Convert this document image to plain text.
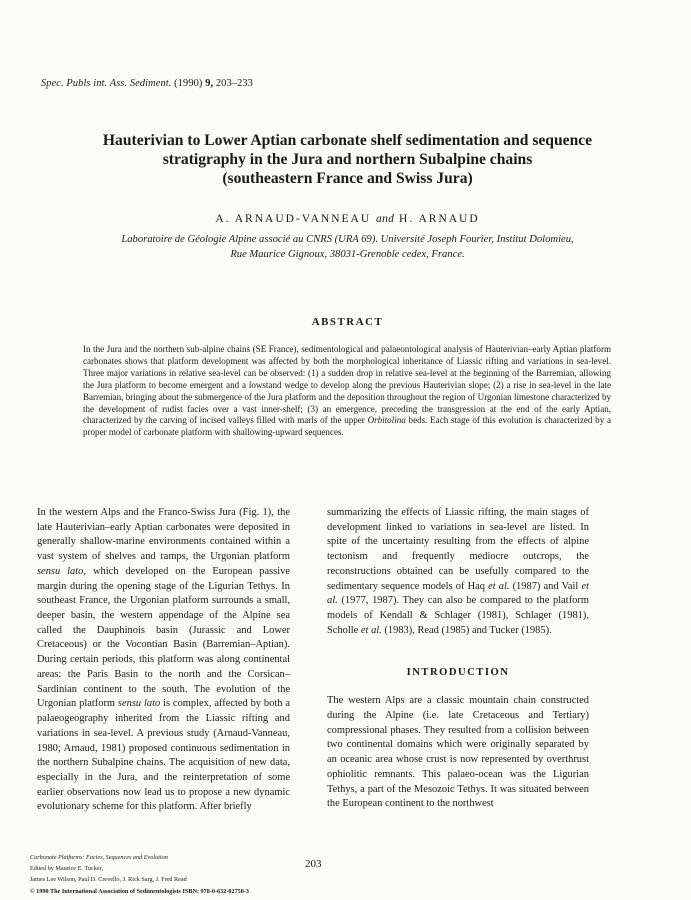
Spec. Publs int. Ass. Sediment. (1990) 9, 203–233
Hauterivian to Lower Aptian carbonate shelf sedimentation and sequence
stratigraphy in the Jura and northern Subalpine chains
(southeastern France and Swiss Jura)
A. ARNAUD-VANNEAU and H. ARNAUD
Laboratoire de Géologie Alpine associé au CNRS (URA 69). Université Joseph Fourier, Institut Dolomieu,
Rue Maurice Gignoux, 38031-Grenoble cedex, France.
ABSTRACT

In the Jura and the northern sub-alpine chains (SE France), sedimentological and palaeontological analysis of Hauterivian–early Aptian platform carbonates shows that platform development was affected by both the morphological inheritance of Liassic rifting and variations in sea-level. Three major variations in relative sea-level can be observed: (1) a sudden drop in relative sea-level at the beginning of the Barremian, allowing the Jura platform to become emergent and a lowstand wedge to develop along the previous Hauterivian slope; (2) a rise in sea-level in the late Barremian, bringing about the submergence of the Jura platform and the deposition throughout the region of Urgonian limestone characterized by the development of rudist facies over a vast inner-shelf; (3) an emergence, preceding the transgression at the end of the early Aptian, characterized by the carving of incised valleys filled with marls of the upper Orbitolina beds. Each stage of this evolution is characterized by a proper model of carbonate platform with shallowing-upward sequences.

In the western Alps and the Franco-Swiss Jura (Fig. 1), the late Hauterivian–early Aptian carbonates were deposited in generally shallow-marine environments contained within a vast system of shelves and ramps, the Urgonian platform sensu lato, which developed on the European passive margin during the opening stage of the Ligurian Tethys. In southeast France, the Urgonian platform surrounds a small, deeper basin, the western appendage of the Alpine sea called the Dauphinois basin (Jurassic and Lower Cretaceous) or the Vocontian Basin (Barremian–Aptian). During certain periods, this platform was along continental areas: the Paris Basin to the north and the Corsican–Sardinian continent to the south. The evolution of the Urgonian platform sensu lato is complex, affected by both a palaeogeography inherited from the Liassic rifting and variations in sea-level. A previous study (Arnaud-Vanneau, 1980; Arnaud, 1981) proposed continuous sedimentation in the northern Subalpine chains. The acquisition of new data, especially in the Jura, and the reinterpretation of some earlier observations now lead us to propose a new dynamic evolutionary scheme for this platform. After briefly

summarizing the effects of Liassic rifting, the main stages of development linked to variations in sea-level are listed. In spite of the uncertainty resulting from the effects of alpine tectonism and frequently mediocre outcrops, the reconstructions obtained can be usefully compared to the sedimentary sequence models of Haq et al. (1987) and Vail et al. (1977, 1987). They can also be compared to the platform models of Kendall & Schlager (1981), Schlager (1981), Scholle et al. (1983), Read (1985) and Tucker (1985).

INTRODUCTION

The western Alps are a classic mountain chain constructed during the Alpine (i.e. late Cretaceous and Tertiary) compressional phases. They resulted from a collision between two continental domains which were originally separated by an oceanic area whose crust is now represented by overthrust ophiolitic remnants. This palaeo-ocean was the Ligurian Tethys, a part of the Mesozoic Tethys. It was situated between the European continent to the northwest

Carbonate Platforms: Facies, Sequences and Evolution
Edited by Maurice E. Tucker,
James Lee Wilson, Paul D. Crevello, J. Rick Sarg, J. Fred Read
© 1990 The International Association of Sedimentologists ISBN: 978-0-632-02758-3
203
